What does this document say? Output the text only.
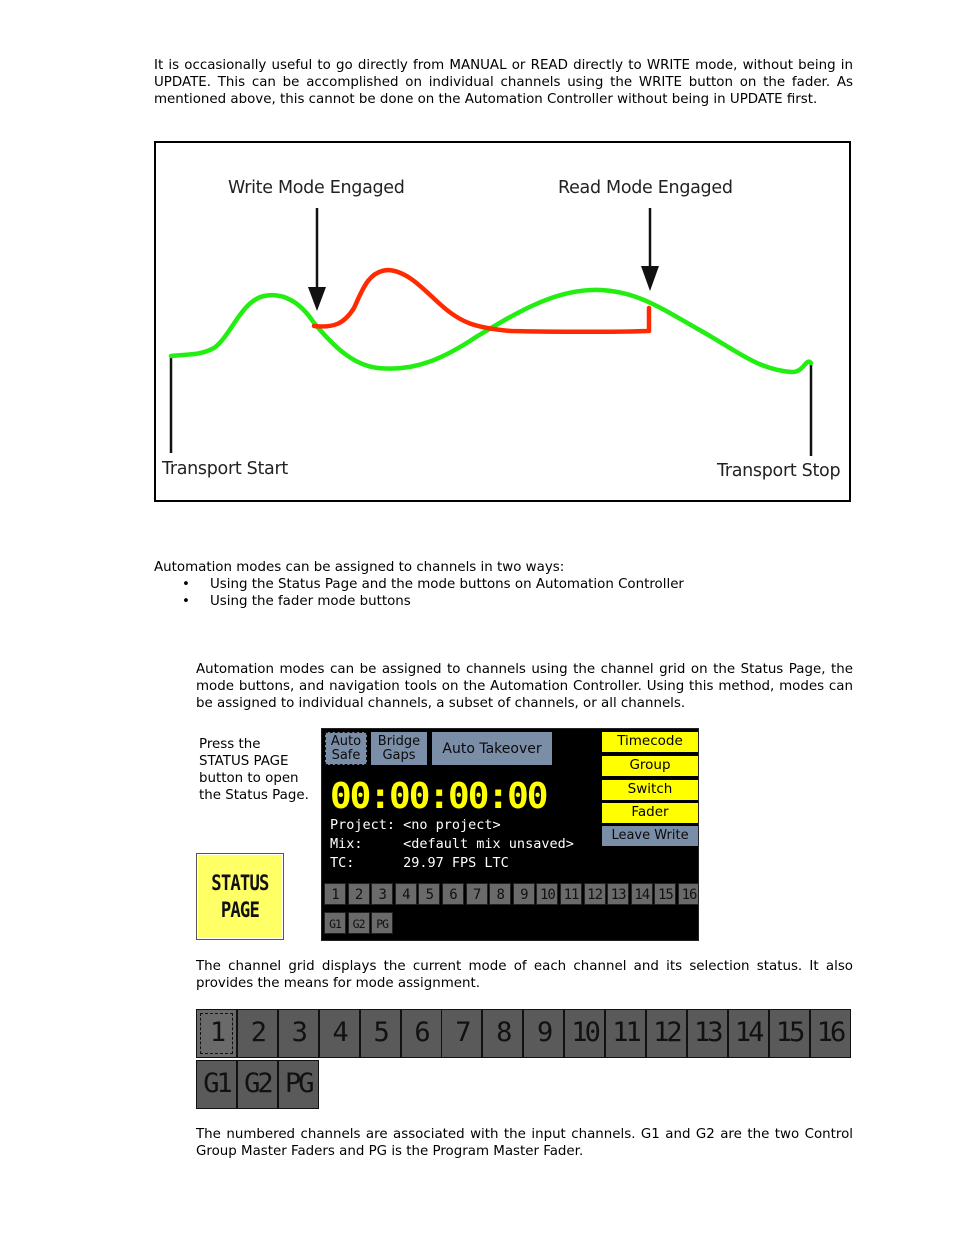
It is occasionally useful to go directly from MANUAL or READ directly to WRITE mode, without being in UPDATE. This can be accomplished on individual channels using the WRITE button on the fader. As mentioned above, this cannot be done on the Automation Controller without being in UPDATE first.

Write Mode Engaged	Read Mode Engaged
Transport Start	Transport Stop

Automation modes can be assigned to channels in two ways:

• Using the Status Page and the mode buttons on Automation Controller
• Using the fader mode buttons

Automation modes can be assigned to channels using the channel grid on the Status Page, the mode buttons, and navigation tools on the Automation Controller. Using this method, modes can be assigned to individual channels, a subset of channels, or all channels.

Press the STATUS PAGE button to open the Status Page.
STATUS
PAGE
Auto
Safe
Bridge
Gaps	Auto Takeover	Timecode
Group
Switch
Fader
Leave Write
00:00:00:00
Project: <no project>
Mix:     <default mix unsaved>
TC:      29.97 FPS LTC
1	2	3	4	5	6	7	8	9 10 11 12 13 14 15 16
G1	G2	PG

The channel grid displays the current mode of each channel and its selection status. It also provides the means for mode assignment.

1	2	3	4	5	6	7	8	9 10 11 12 13 14 15 16
G1 G2 PG

The numbered channels are associated with the input channels. G1 and G2 are the two Control Group Master Faders and PG is the Program Master Fader.
